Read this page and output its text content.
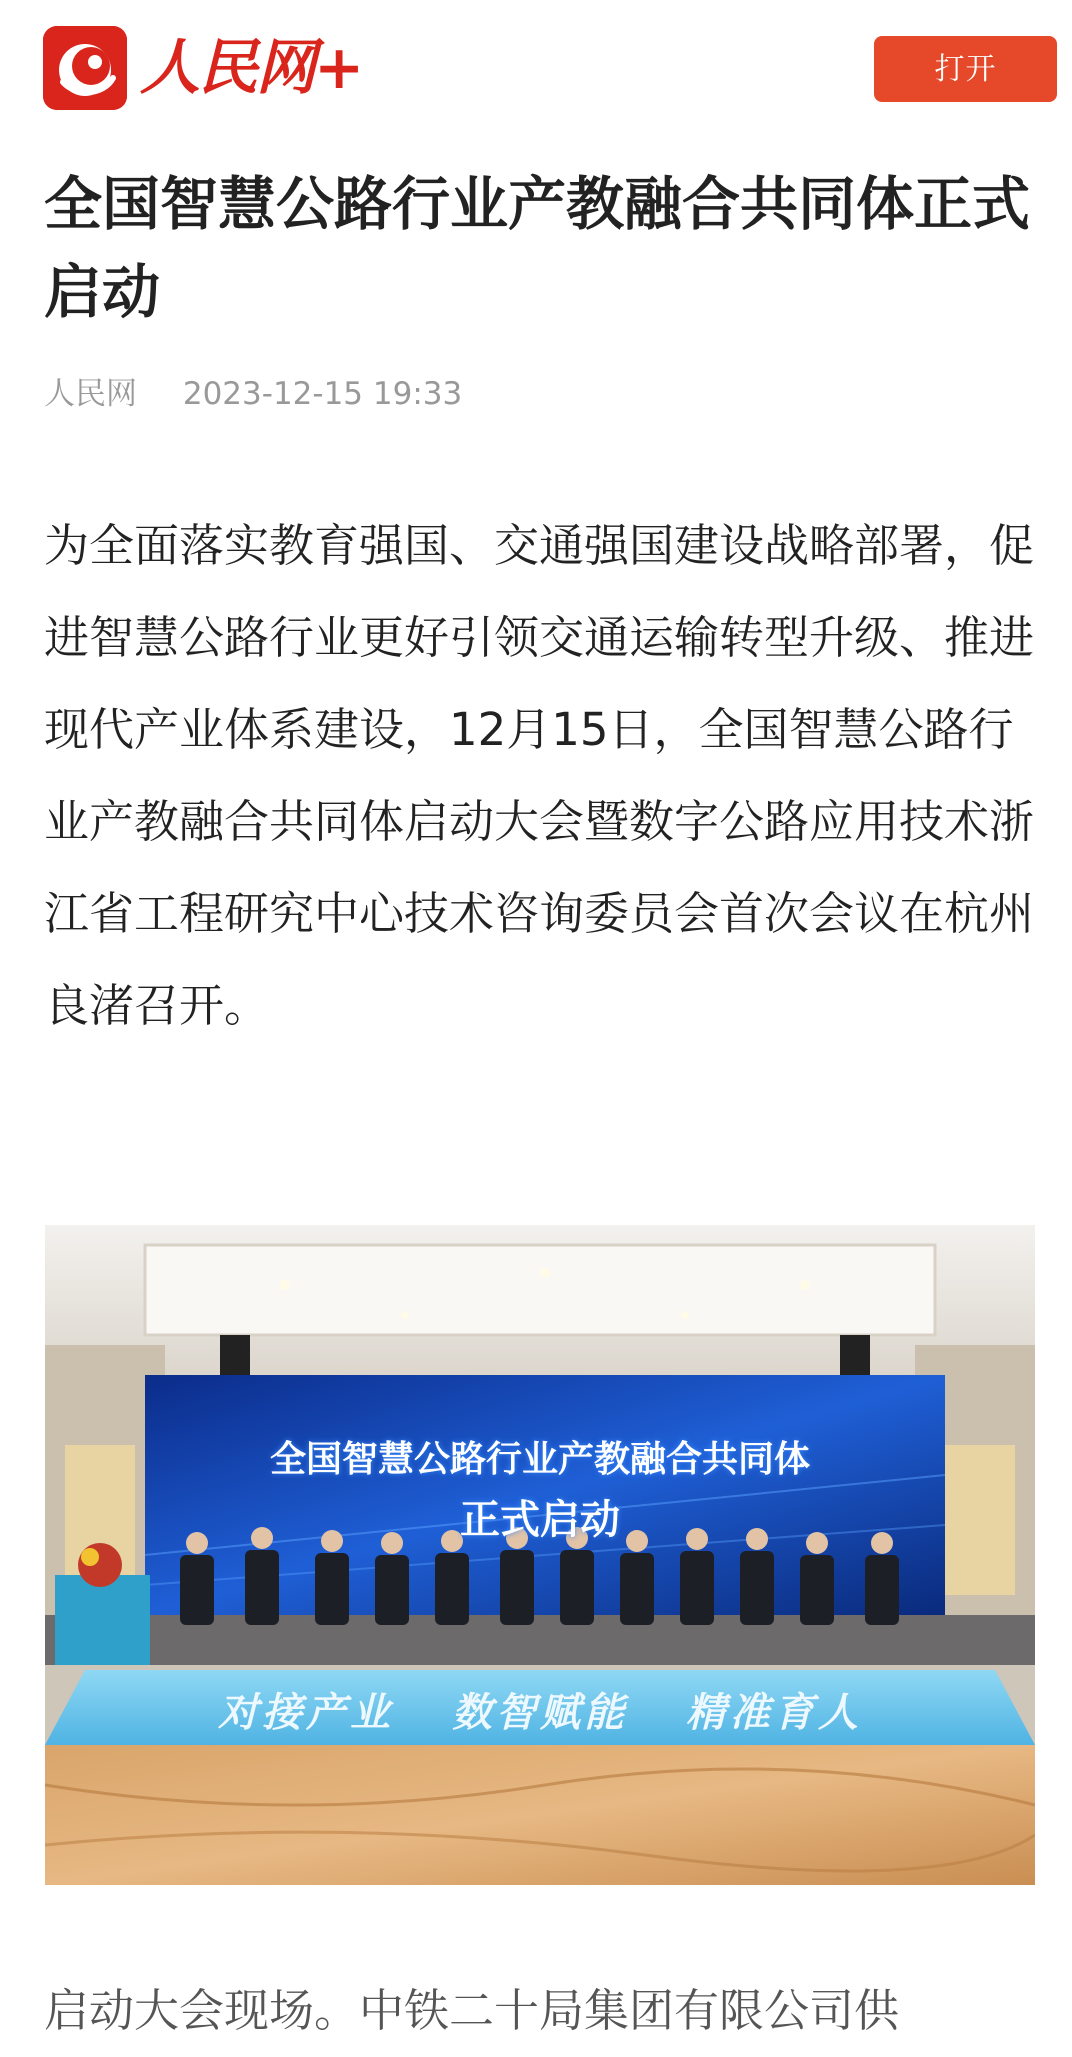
人民网+	打开
全国智慧公路行业产教融合共同体正式启动
人民网 2023-12-15 19:33

为全面落实教育强国、交通强国建设战略部署，促进智慧公路行业更好引领交通运输转型升级、推进现代产业体系建设，12月15日，全国智慧公路行业产教融合共同体启动大会暨数字公路应用技术浙江省工程研究中心技术咨询委员会首次会议在杭州良渚召开。

全国智慧公路行业产教融合共同体
正式启动
对接产业 数智赋能 精准育人

启动大会现场。中铁二十局集团有限公司供
